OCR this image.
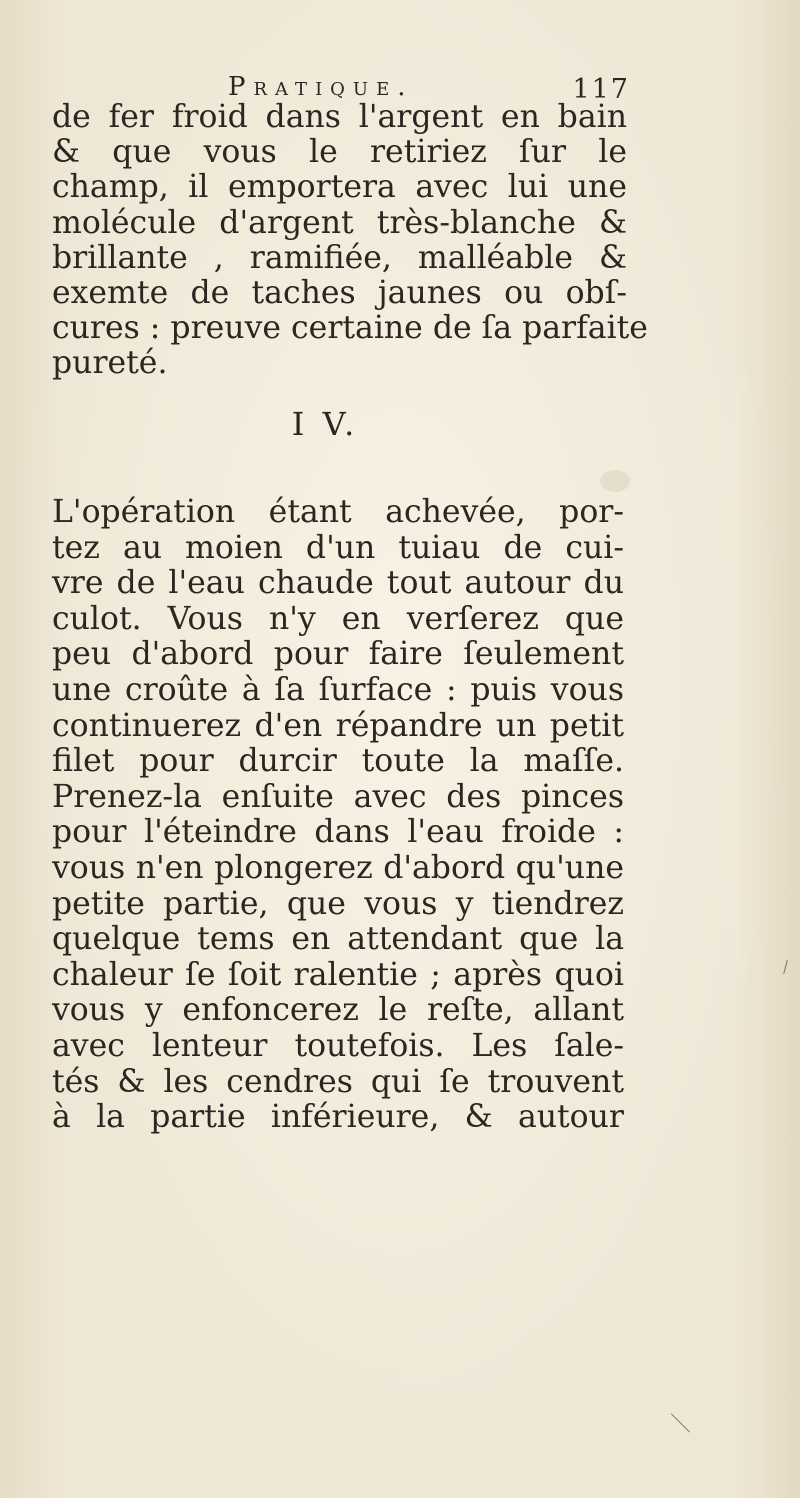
Pratique.	117
de fer froid dans l'argent en bain
& que vous le retiriez ſur le
champ, il emportera avec lui une
molécule d'argent très-blanche &
brillante , ramifiée, malléable &
exemte de taches jaunes ou obſ-
cures : preuve certaine de ſa parfaite
pureté.
I V.
L'opération étant achevée, por-
tez au moien d'un tuiau de cui-
vre de l'eau chaude tout autour du
culot. Vous n'y en verſerez que
peu d'abord pour faire ſeulement
une croûte à ſa ſurface : puis vous
continuerez d'en répandre un petit
filet pour durcir toute la maſſe.
Prenez-la enſuite avec des pinces
pour l'éteindre dans l'eau froide :
vous n'en plongerez d'abord qu'une
petite partie, que vous y tiendrez
quelque tems en attendant que la
chaleur ſe ſoit ralentie ; après quoi
vous y enfoncerez le reſte, allant
avec lenteur toutefois. Les ſale-
tés & les cendres qui ſe trouvent
à la partie inférieure, & autour
